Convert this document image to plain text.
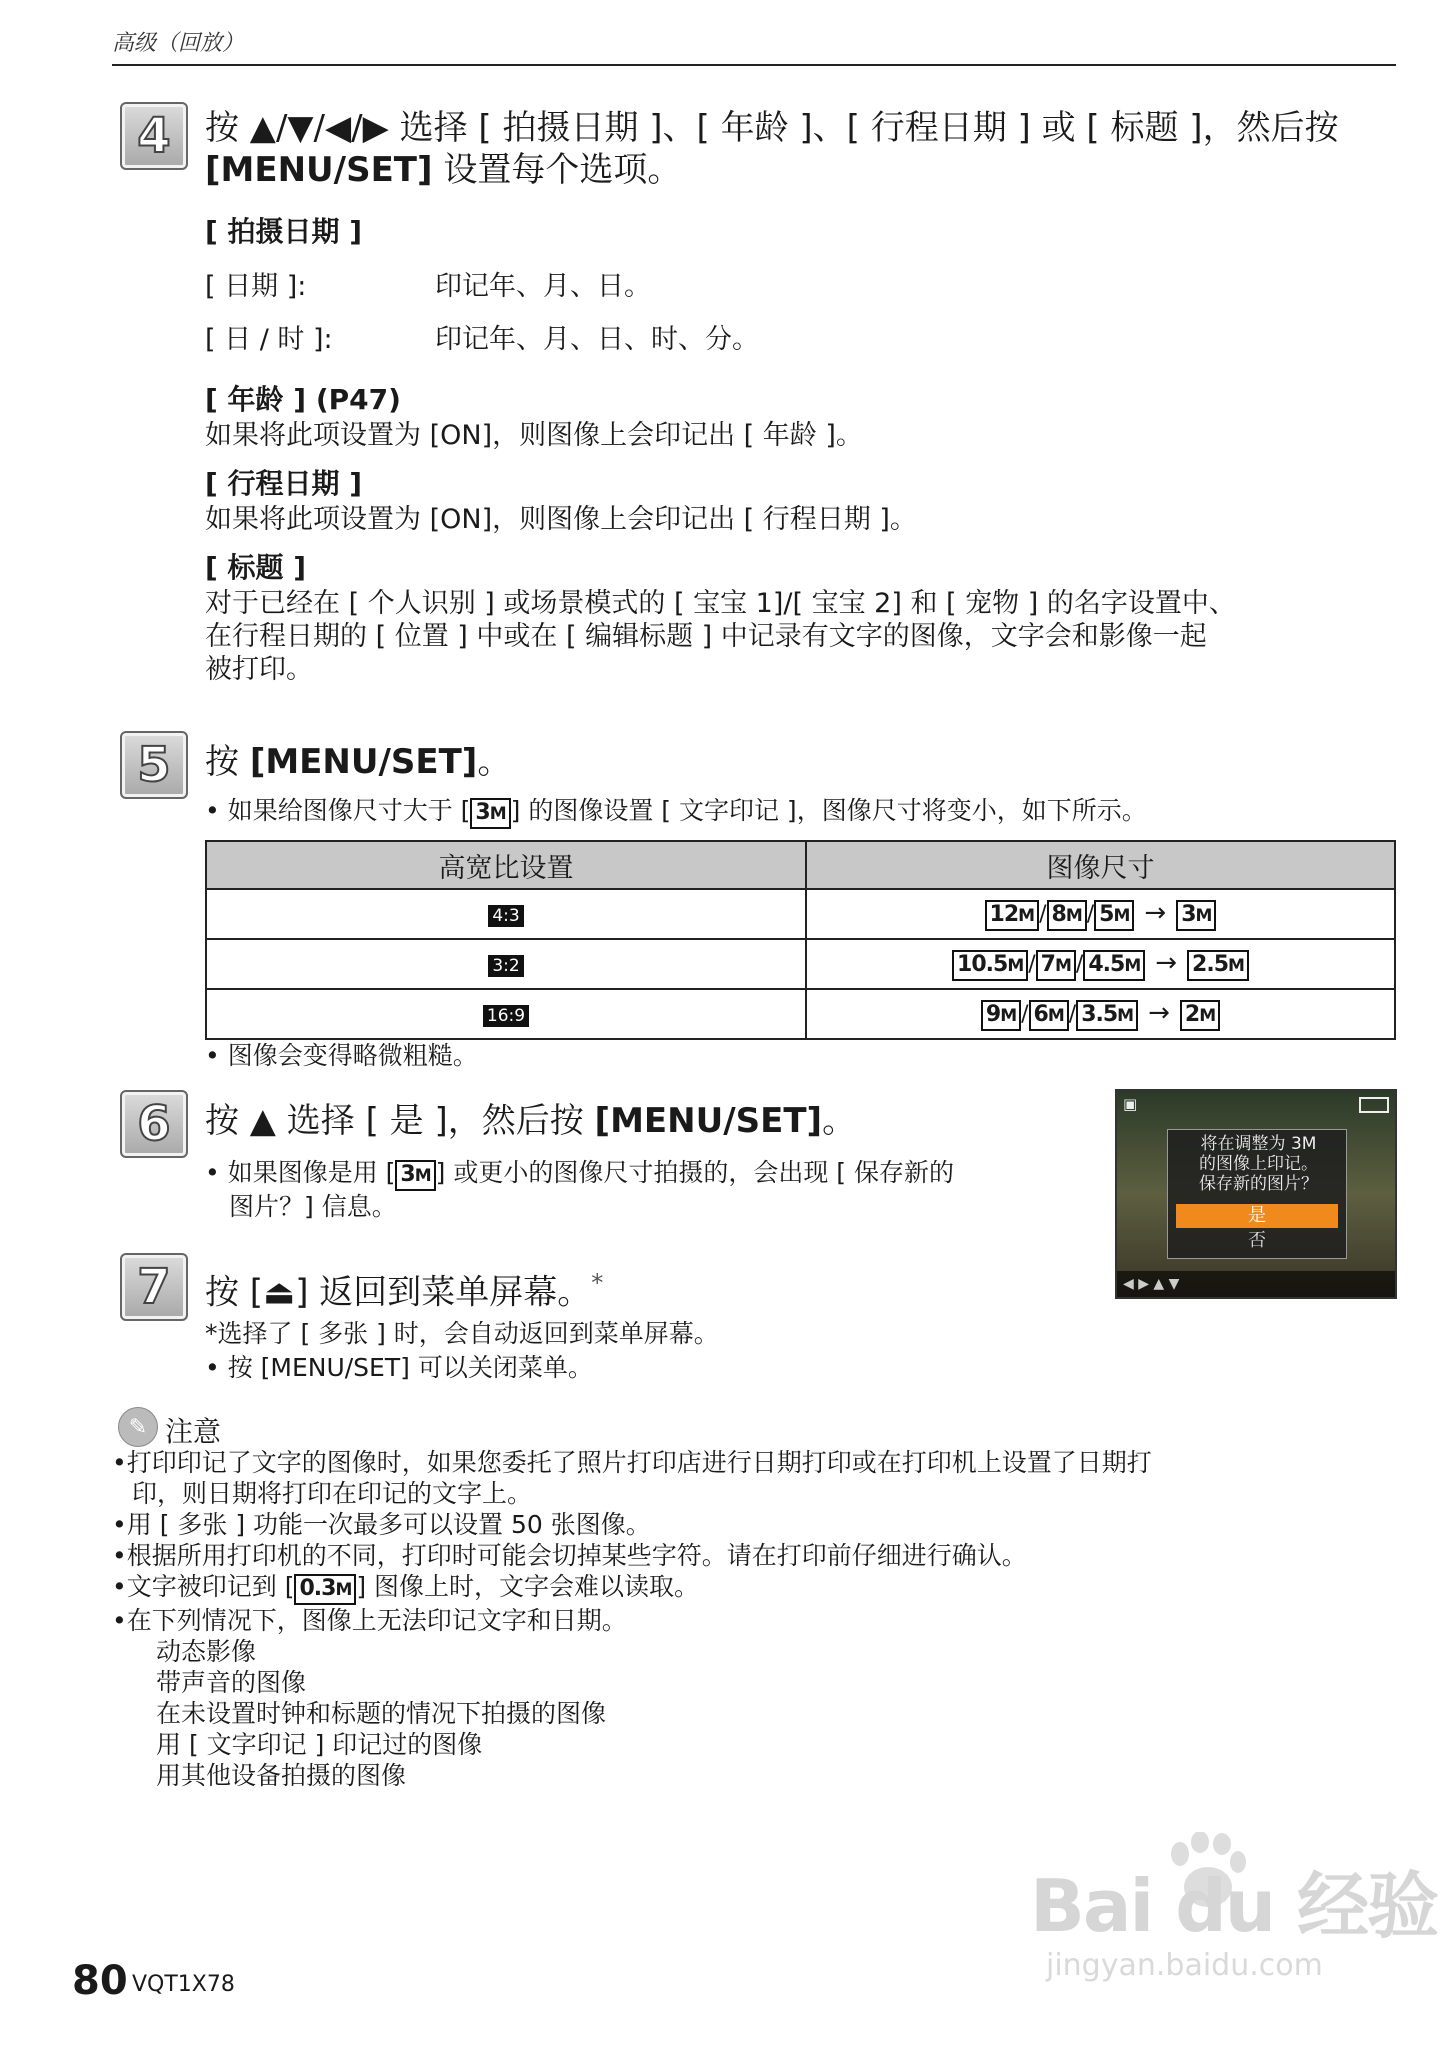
高级（回放）
4 按 ▲/▼/◀/▶ 选择 [ 拍摄日期 ]、[ 年龄 ]、[ 行程日期 ] 或 [ 标题 ]，然后按
[MENU/SET] 设置每个选项。
[ 拍摄日期 ]
[ 日期 ]:	印记年、月、日。
[ 日 / 时 ]:	印记年、月、日、时、分。
[ 年龄 ] (P47)
如果将此项设置为 [ON]，则图像上会印记出 [ 年龄 ]。
[ 行程日期 ]
如果将此项设置为 [ON]，则图像上会印记出 [ 行程日期 ]。
[ 标题 ]
对于已经在 [ 个人识别 ] 或场景模式的 [ 宝宝 1]/[ 宝宝 2] 和 [ 宠物 ] 的名字设置中、
在行程日期的 [ 位置 ] 中或在 [ 编辑标题 ] 中记录有文字的图像，文字会和影像一起
被打印。
5 按 [MENU/SET]。
• 如果给图像尺寸大于 [ 3M ] 的图像设置 [ 文字印记 ]，图像尺寸将变小，如下所示。
高宽比设置	图像尺寸
4:3	12M / 8M / 5M → 3M
3:2	10.5M / 7M / 4.5M → 2.5M
16:9	9M / 6M / 3.5M → 2M
• 图像会变得略微粗糙。
6 按 ▲ 选择 [ 是 ]，然后按 [MENU/SET]。
• 如果图像是用 [ 3M ] 或更小的图像尺寸拍摄的，会出现 [ 保存新的
图片？] 信息。
▣
将在调整为 3M
的图像上印记。
保存新的图片？
是
否
◀ ▶ ▲ ▼
7 按 [⏏] 返回到菜单屏幕。*
*选择了 [ 多张 ] 时，会自动返回到菜单屏幕。
• 按 [MENU/SET] 可以关闭菜单。
✎ 注意
•打印印记了文字的图像时，如果您委托了照片打印店进行日期打印或在打印机上设置了日期打
印，则日期将打印在印记的文字上。
•用 [ 多张 ] 功能一次最多可以设置 50 张图像。
•根据所用打印机的不同，打印时可能会切掉某些字符。请在打印前仔细进行确认。
•文字被印记到 [ 0.3M ] 图像上时，文字会难以读取。
•在下列情况下，图像上无法印记文字和日期。
动态影像
带声音的图像
在未设置时钟和标题的情况下拍摄的图像
用 [ 文字印记 ] 印记过的图像
用其他设备拍摄的图像
Bai du 经验
jingyan.baidu.com
80 VQT1X78
